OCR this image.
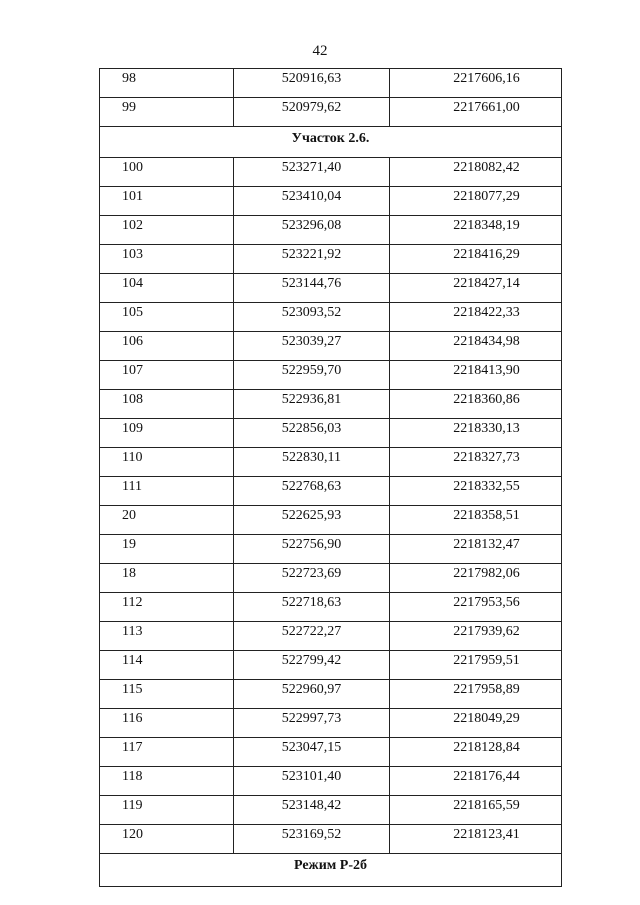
42
98	520916,63	2217606,16
99	520979,62	2217661,00
Участок 2.6.		
100	523271,40	2218082,42
101	523410,04	2218077,29
102	523296,08	2218348,19
103	523221,92	2218416,29
104	523144,76	2218427,14
105	523093,52	2218422,33
106	523039,27	2218434,98
107	522959,70	2218413,90
108	522936,81	2218360,86
109	522856,03	2218330,13
110	522830,11	2218327,73
111	522768,63	2218332,55
20	522625,93	2218358,51
19	522756,90	2218132,47
18	522723,69	2217982,06
112	522718,63	2217953,56
113	522722,27	2217939,62
114	522799,42	2217959,51
115	522960,97	2217958,89
116	522997,73	2218049,29
117	523047,15	2218128,84
118	523101,40	2218176,44
119	523148,42	2218165,59
120	523169,52	2218123,41
Режим Р-2б		
